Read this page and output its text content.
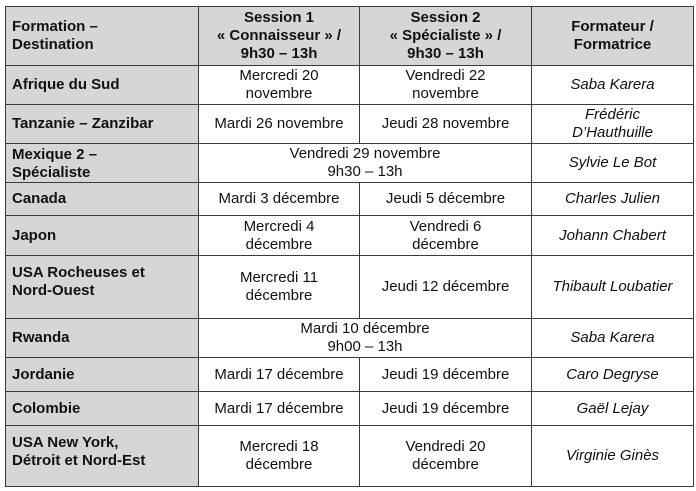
Formation –
Destination	Session 1
« Connaisseur » /
9h30 – 13h	Session 2
« Spécialiste » /
9h30 – 13h	Formateur /
Formatrice

Afrique du Sud	Mercredi 20
novembre	Vendredi 22
novembre	Saba Karera
Tanzanie – Zanzibar	Mardi 26 novembre	Jeudi 28 novembre	Frédéric
D’Hauthuille

Mexique 2 –
Spécialiste	Vendredi 29 novembre
9h30 – 13h		Sylvie Le Bot
Canada	Mardi 3 décembre	Jeudi 5 décembre	Charles Julien
Japon	Mercredi 4
décembre	Vendredi 6
décembre	Johann Chabert

USA Rocheuses et
Nord-Ouest	Mercredi 11
décembre	Jeudi 12 décembre	Thibault Loubatier
Rwanda	Mardi 10 décembre
9h00 – 13h		Saba Karera
Jordanie	Mardi 17 décembre	Jeudi 19 décembre	Caro Degryse
Colombie	Mardi 17 décembre	Jeudi 19 décembre	Gaël Lejay

USA New York,
Détroit et Nord-Est	Mercredi 18
décembre	Vendredi 20
décembre	Virginie Ginès
